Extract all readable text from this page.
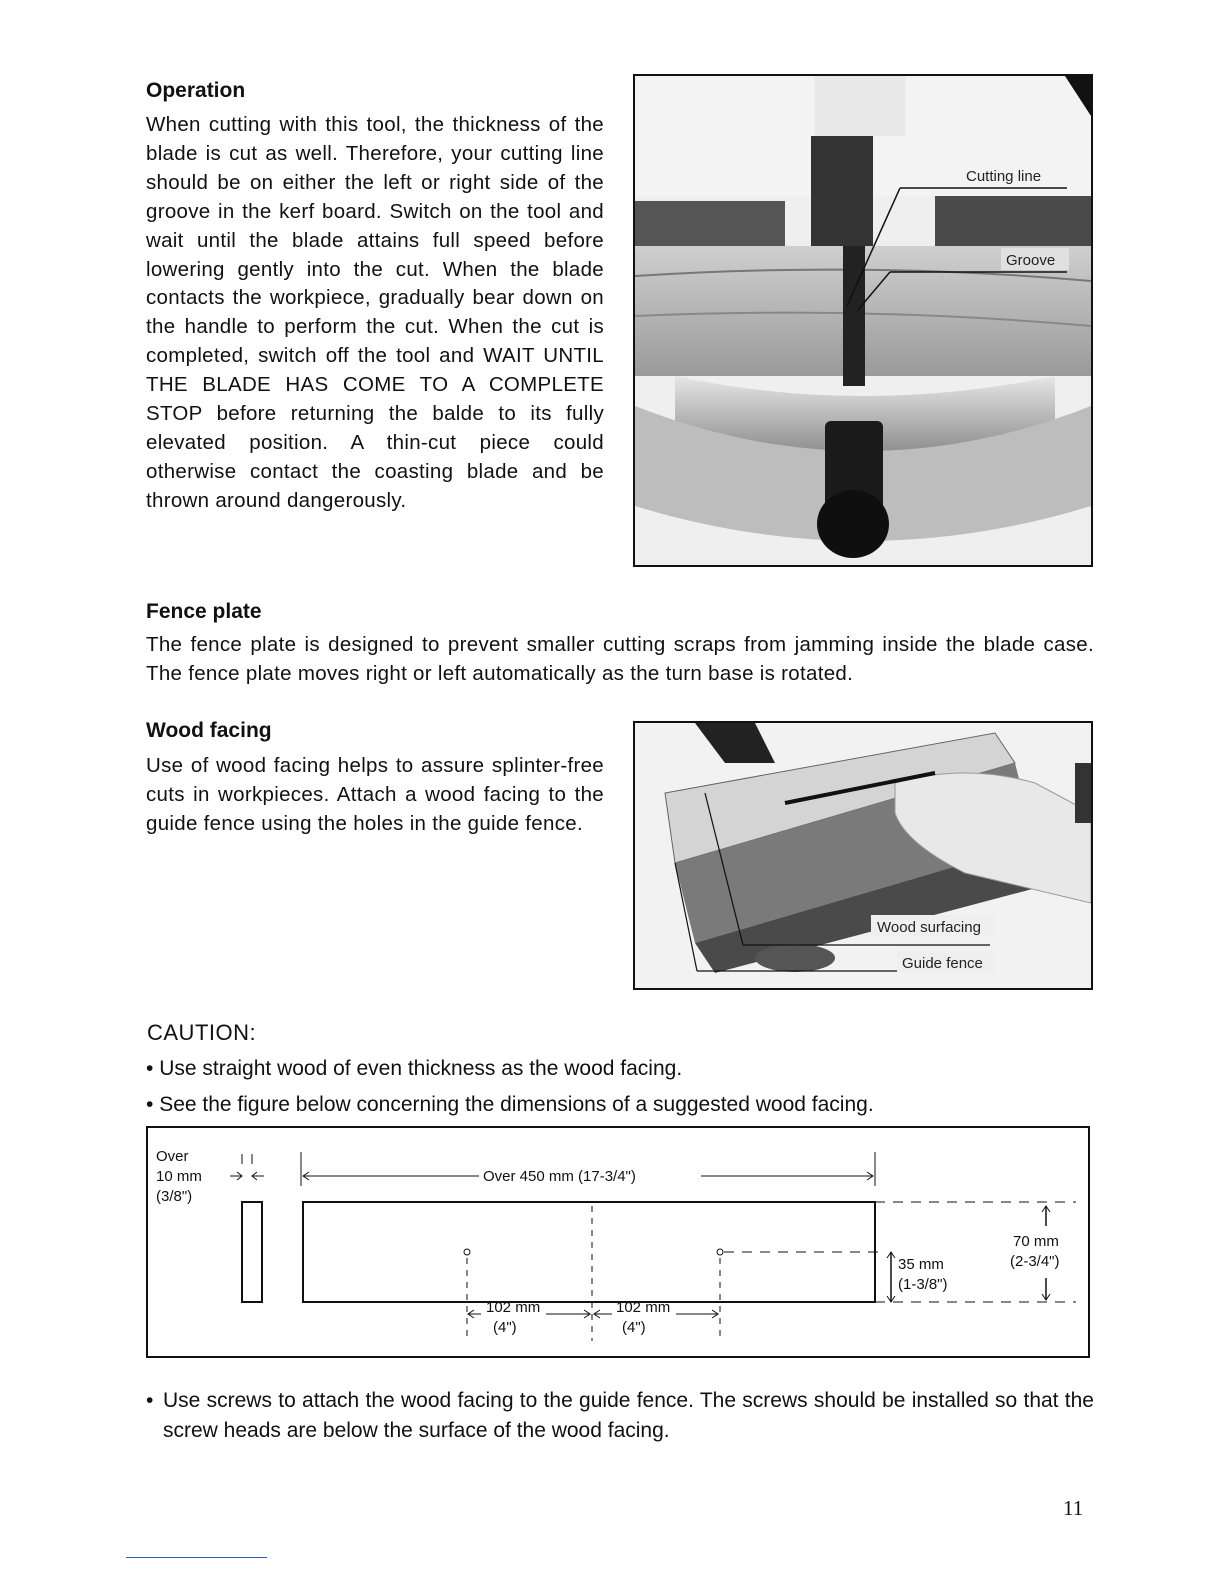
Operation
When cutting with this tool, the thickness of the blade is cut as well. Therefore, your cutting line should be on either the left or right side of the groove in the kerf board. Switch on the tool and wait until the blade attains full speed before lowering gently into the cut. When the blade contacts the workpiece, gradually bear down on the handle to perform the cut. When the cut is completed, switch off the tool and WAIT UNTIL THE BLADE HAS COME TO A COMPLETE STOP before returning the balde to its fully elevated position. A thin-cut piece could otherwise contact the coasting blade and be thrown around dangerously.
Cutting line
Groove
Fence plate
The fence plate is designed to prevent smaller cutting scraps from jamming inside the blade case. The fence plate moves right or left automatically as the turn base is rotated.
Wood facing
Use of wood facing helps to assure splinter-free cuts in workpieces. Attach a wood facing to the guide fence using the holes in the guide fence.
Wood surfacing
Guide fence
CAUTION:
• Use straight wood of even thickness as the wood facing.
• See the figure below concerning the dimensions of a suggested wood facing.
Over
10 mm
(3/8")
Over 450 mm (17-3/4")
102 mm
(4")
102 mm
(4")
35 mm
(1-3/8")
70 mm
(2-3/4")
• Use screws to attach the wood facing to the guide fence. The screws should be installed so that the screw heads are below the surface of the wood facing.
11
